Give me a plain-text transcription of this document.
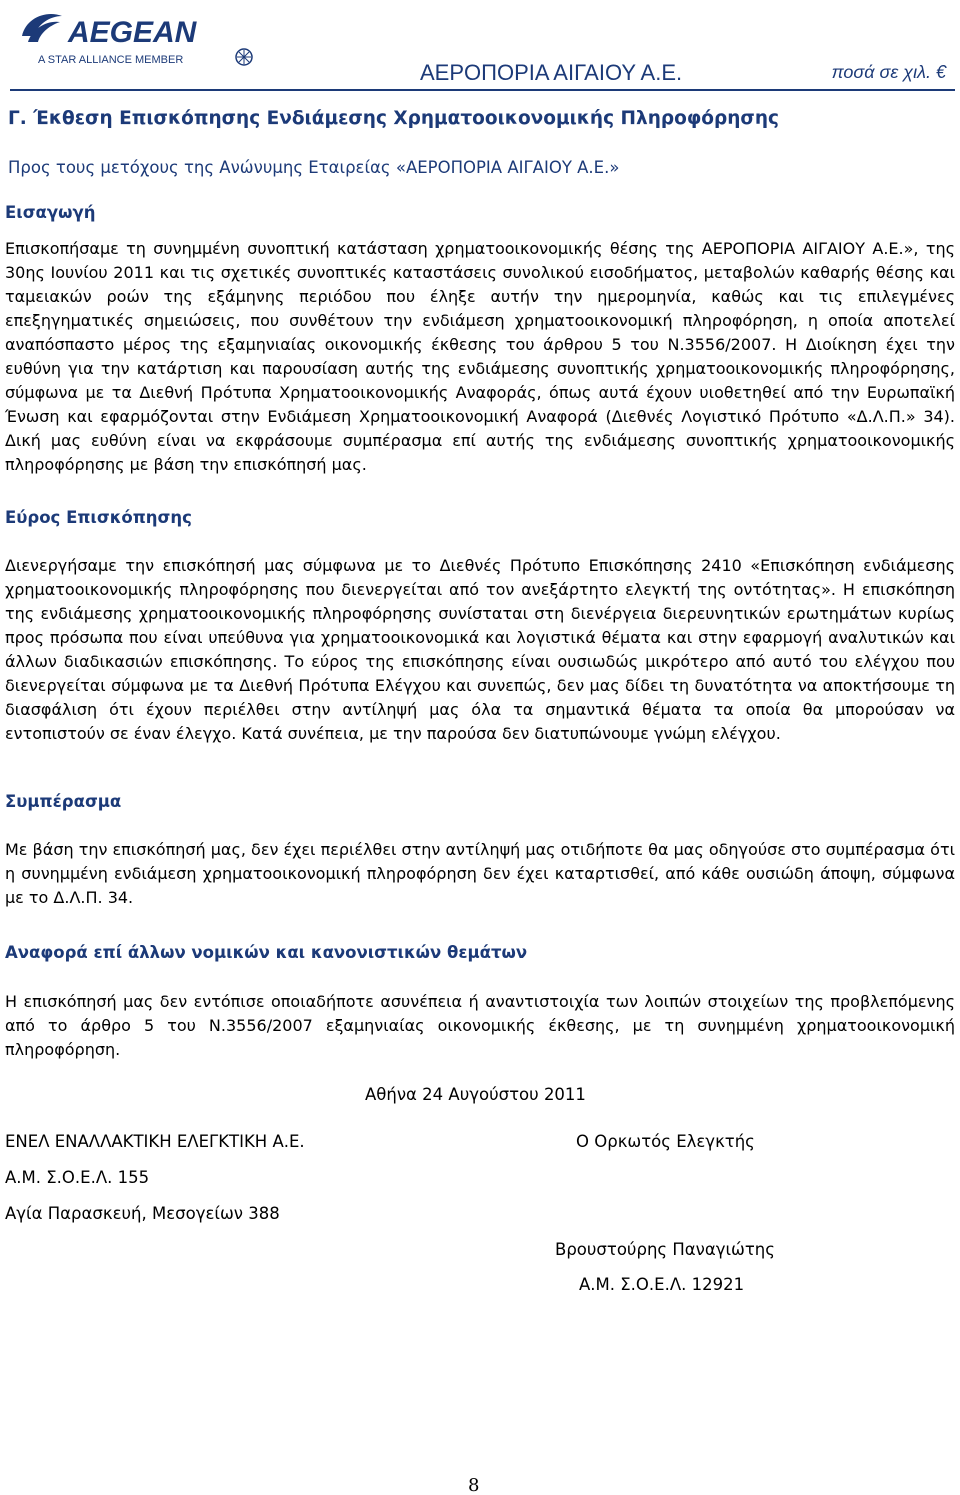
AEGEAN
A STAR ALLIANCE MEMBER	ΑΕΡΟΠΟΡΙΑ ΑΙΓΑΙΟΥ Α.Ε.	ποσά σε χιλ. €
Γ. Έκθεση Επισκόπησης Ενδιάμεσης Χρηματοοικονομικής Πληροφόρησης
Προς τους μετόχους της Ανώνυμης Εταιρείας «ΑΕΡΟΠΟΡΙΑ ΑΙΓΑΙΟΥ Α.Ε.»
Εισαγωγή

Επισκοπήσαμε τη συνημμένη συνοπτική κατάσταση χρηματοοικονομικής θέσης της ΑΕΡΟΠΟΡΙΑ ΑΙΓΑΙΟΥ Α.Ε.», της 30ης Ιουνίου 2011 και τις σχετικές συνοπτικές καταστάσεις συνολικού εισοδήματος, μεταβολών καθαρής θέσης και ταμειακών ροών της εξάμηνης περιόδου που έληξε αυτήν την ημερομηνία, καθώς και τις επιλεγμένες επεξηγηματικές σημειώσεις, που συνθέτουν την ενδιάμεση χρηματοοικονομική πληροφόρηση, η οποία αποτελεί αναπόσπαστο μέρος της εξαμηνιαίας οικονομικής έκθεσης του άρθρου 5 του Ν.3556/2007. Η Διοίκηση έχει την ευθύνη για την κατάρτιση και παρουσίαση αυτής της ενδιάμεσης συνοπτικής χρηματοοικονομικής πληροφόρησης, σύμφωνα με τα Διεθνή Πρότυπα Χρηματοοικονομικής Αναφοράς, όπως αυτά έχουν υιοθετηθεί από την Ευρωπαϊκή Ένωση και εφαρμόζονται στην Ενδιάμεση Χρηματοοικονομική Αναφορά (Διεθνές Λογιστικό Πρότυπο «Δ.Λ.Π.» 34). Δική μας ευθύνη είναι να εκφράσουμε συμπέρασμα επί αυτής της ενδιάμεσης συνοπτικής χρηματοοικονομικής πληροφόρησης με βάση την επισκόπησή μας.

Εύρος Επισκόπησης

Διενεργήσαμε την επισκόπησή μας σύμφωνα με το Διεθνές Πρότυπο Επισκόπησης 2410 «Επισκόπηση ενδιάμεσης χρηματοοικονομικής πληροφόρησης που διενεργείται από τον ανεξάρτητο ελεγκτή της οντότητας». Η επισκόπηση της ενδιάμεσης χρηματοοικονομικής πληροφόρησης συνίσταται στη διενέργεια διερευνητικών ερωτημάτων κυρίως προς πρόσωπα που είναι υπεύθυνα για χρηματοοικονομικά και λογιστικά θέματα και στην εφαρμογή αναλυτικών και άλλων διαδικασιών επισκόπησης. Το εύρος της επισκόπησης είναι ουσιωδώς μικρότερο από αυτό του ελέγχου που διενεργείται σύμφωνα με τα Διεθνή Πρότυπα Ελέγχου και συνεπώς, δεν μας δίδει τη δυνατότητα να αποκτήσουμε τη διασφάλιση ότι έχουν περιέλθει στην αντίληψή μας όλα τα σημαντικά θέματα τα οποία θα μπορούσαν να εντοπιστούν σε έναν έλεγχο. Κατά συνέπεια, με την παρούσα δεν διατυπώνουμε γνώμη ελέγχου.

Συμπέρασμα

Με βάση την επισκόπησή μας, δεν έχει περιέλθει στην αντίληψή μας οτιδήποτε θα μας οδηγούσε στο συμπέρασμα ότι η συνημμένη ενδιάμεση χρηματοοικονομική πληροφόρηση δεν έχει καταρτισθεί, από κάθε ουσιώδη άποψη, σύμφωνα με το Δ.Λ.Π. 34.

Αναφορά επί άλλων νομικών και κανονιστικών θεμάτων

Η επισκόπησή μας δεν εντόπισε οποιαδήποτε ασυνέπεια ή αναντιστοιχία των λοιπών στοιχείων της προβλεπόμενης από το άρθρο 5 του Ν.3556/2007 εξαμηνιαίας οικονομικής έκθεσης, με τη συνημμένη χρηματοοικονομική πληροφόρηση.

Αθήνα 24 Αυγούστου 2011
ΕΝΕΛ ΕΝΑΛΛΑΚΤΙΚΗ ΕΛΕΓΚΤΙΚΗ Α.Ε.	Ο Ορκωτός Ελεγκτής
Α.Μ. Σ.Ο.Ε.Λ. 155
Αγία Παρασκευή, Μεσογείων 388
Βρουστούρης Παναγιώτης
Α.Μ. Σ.Ο.Ε.Λ. 12921
8
